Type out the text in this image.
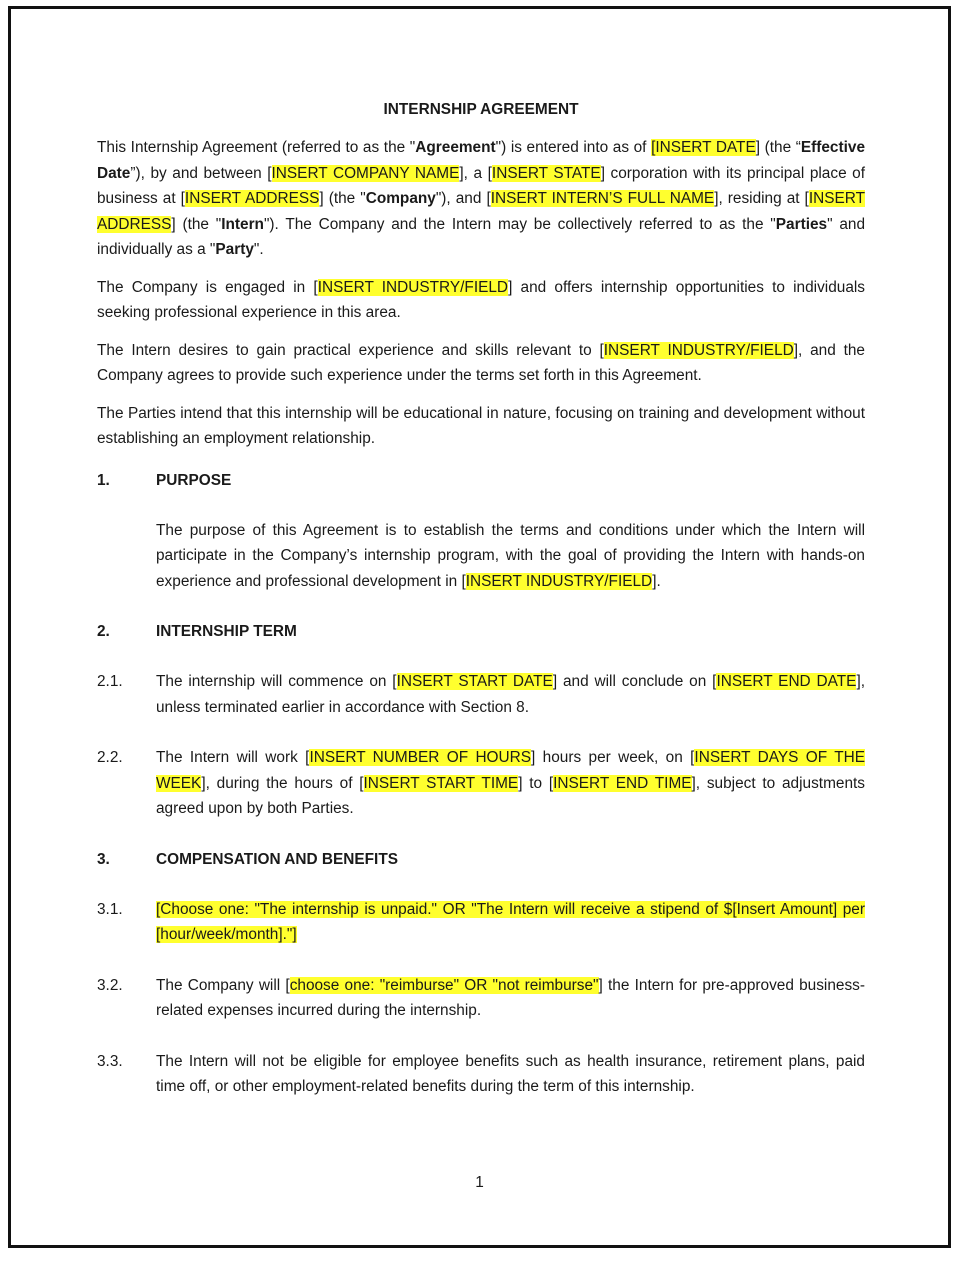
INTERNSHIP AGREEMENT

This Internship Agreement (referred to as the "Agreement") is entered into as of [INSERT DATE] (the “Effective Date”), by and between [INSERT COMPANY NAME], a [INSERT STATE] corporation with its principal place of business at [INSERT ADDRESS] (the "Company"), and [INSERT INTERN’S FULL NAME], residing at [INSERT ADDRESS] (the "Intern"). The Company and the Intern may be collectively referred to as the "Parties" and individually as a "Party".

The Company is engaged in [INSERT INDUSTRY/FIELD] and offers internship opportunities to individuals seeking professional experience in this area.

The Intern desires to gain practical experience and skills relevant to [INSERT INDUSTRY/FIELD], and the Company agrees to provide such experience under the terms set forth in this Agreement.

The Parties intend that this internship will be educational in nature, focusing on training and development without establishing an employment relationship.

1.	PURPOSE
The purpose of this Agreement is to establish the terms and conditions under which the Intern will participate in the Company’s internship program, with the goal of providing the Intern with hands-on experience and professional development in [INSERT INDUSTRY/FIELD].
2.	INTERNSHIP TERM
2.1.	The internship will commence on [INSERT START DATE] and will conclude on [INSERT END DATE], unless terminated earlier in accordance with Section 8.
2.2.	The Intern will work [INSERT NUMBER OF HOURS] hours per week, on [INSERT DAYS OF THE WEEK], during the hours of [INSERT START TIME] to [INSERT END TIME], subject to adjustments agreed upon by both Parties.
3.	COMPENSATION AND BENEFITS
3.1.	[Choose one: "The internship is unpaid." OR "The Intern will receive a stipend of $[Insert Amount] per [hour/week/month]."]
3.2.	The Company will [choose one: "reimburse" OR "not reimburse"] the Intern for pre-approved business-related expenses incurred during the internship.
3.3.	The Intern will not be eligible for employee benefits such as health insurance, retirement plans, paid time off, or other employment-related benefits during the term of this internship.
1
